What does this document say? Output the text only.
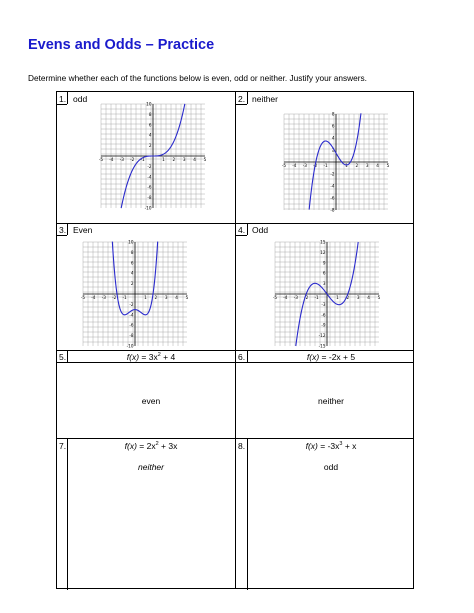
Evens and Odds – Practice
Determine whether each of the functions below is even, odd or neither. Justify your answers.
1. odd	2. neither
-5 -4 -3 -2 -1	1 2 3 4 5
10
8
6
4
2
-2
-4
-6
-8
-10
-5 -4 -3 -2 -1	1 2 3 4 5
8
6
4
2
-2
-4
-6
-8
3. Even	4. Odd
-5 -4 -3 -2 -1	1 2 3 4 5
10
8
6
4
2
-2
-4
-6
-8
-10
-5 -4 -3 -2 -1	1 2 3 4 5
15
12
9
6
3
-3
-6
-9
-12
-15
5.	$f(x) = 3x^2 + 4$	6.	f(x) = -2x + 5
even	neither
7.	$f(x) = 2x^2 + 3x$
neither
8.	$f(x) = -3x^3 + x$
odd
